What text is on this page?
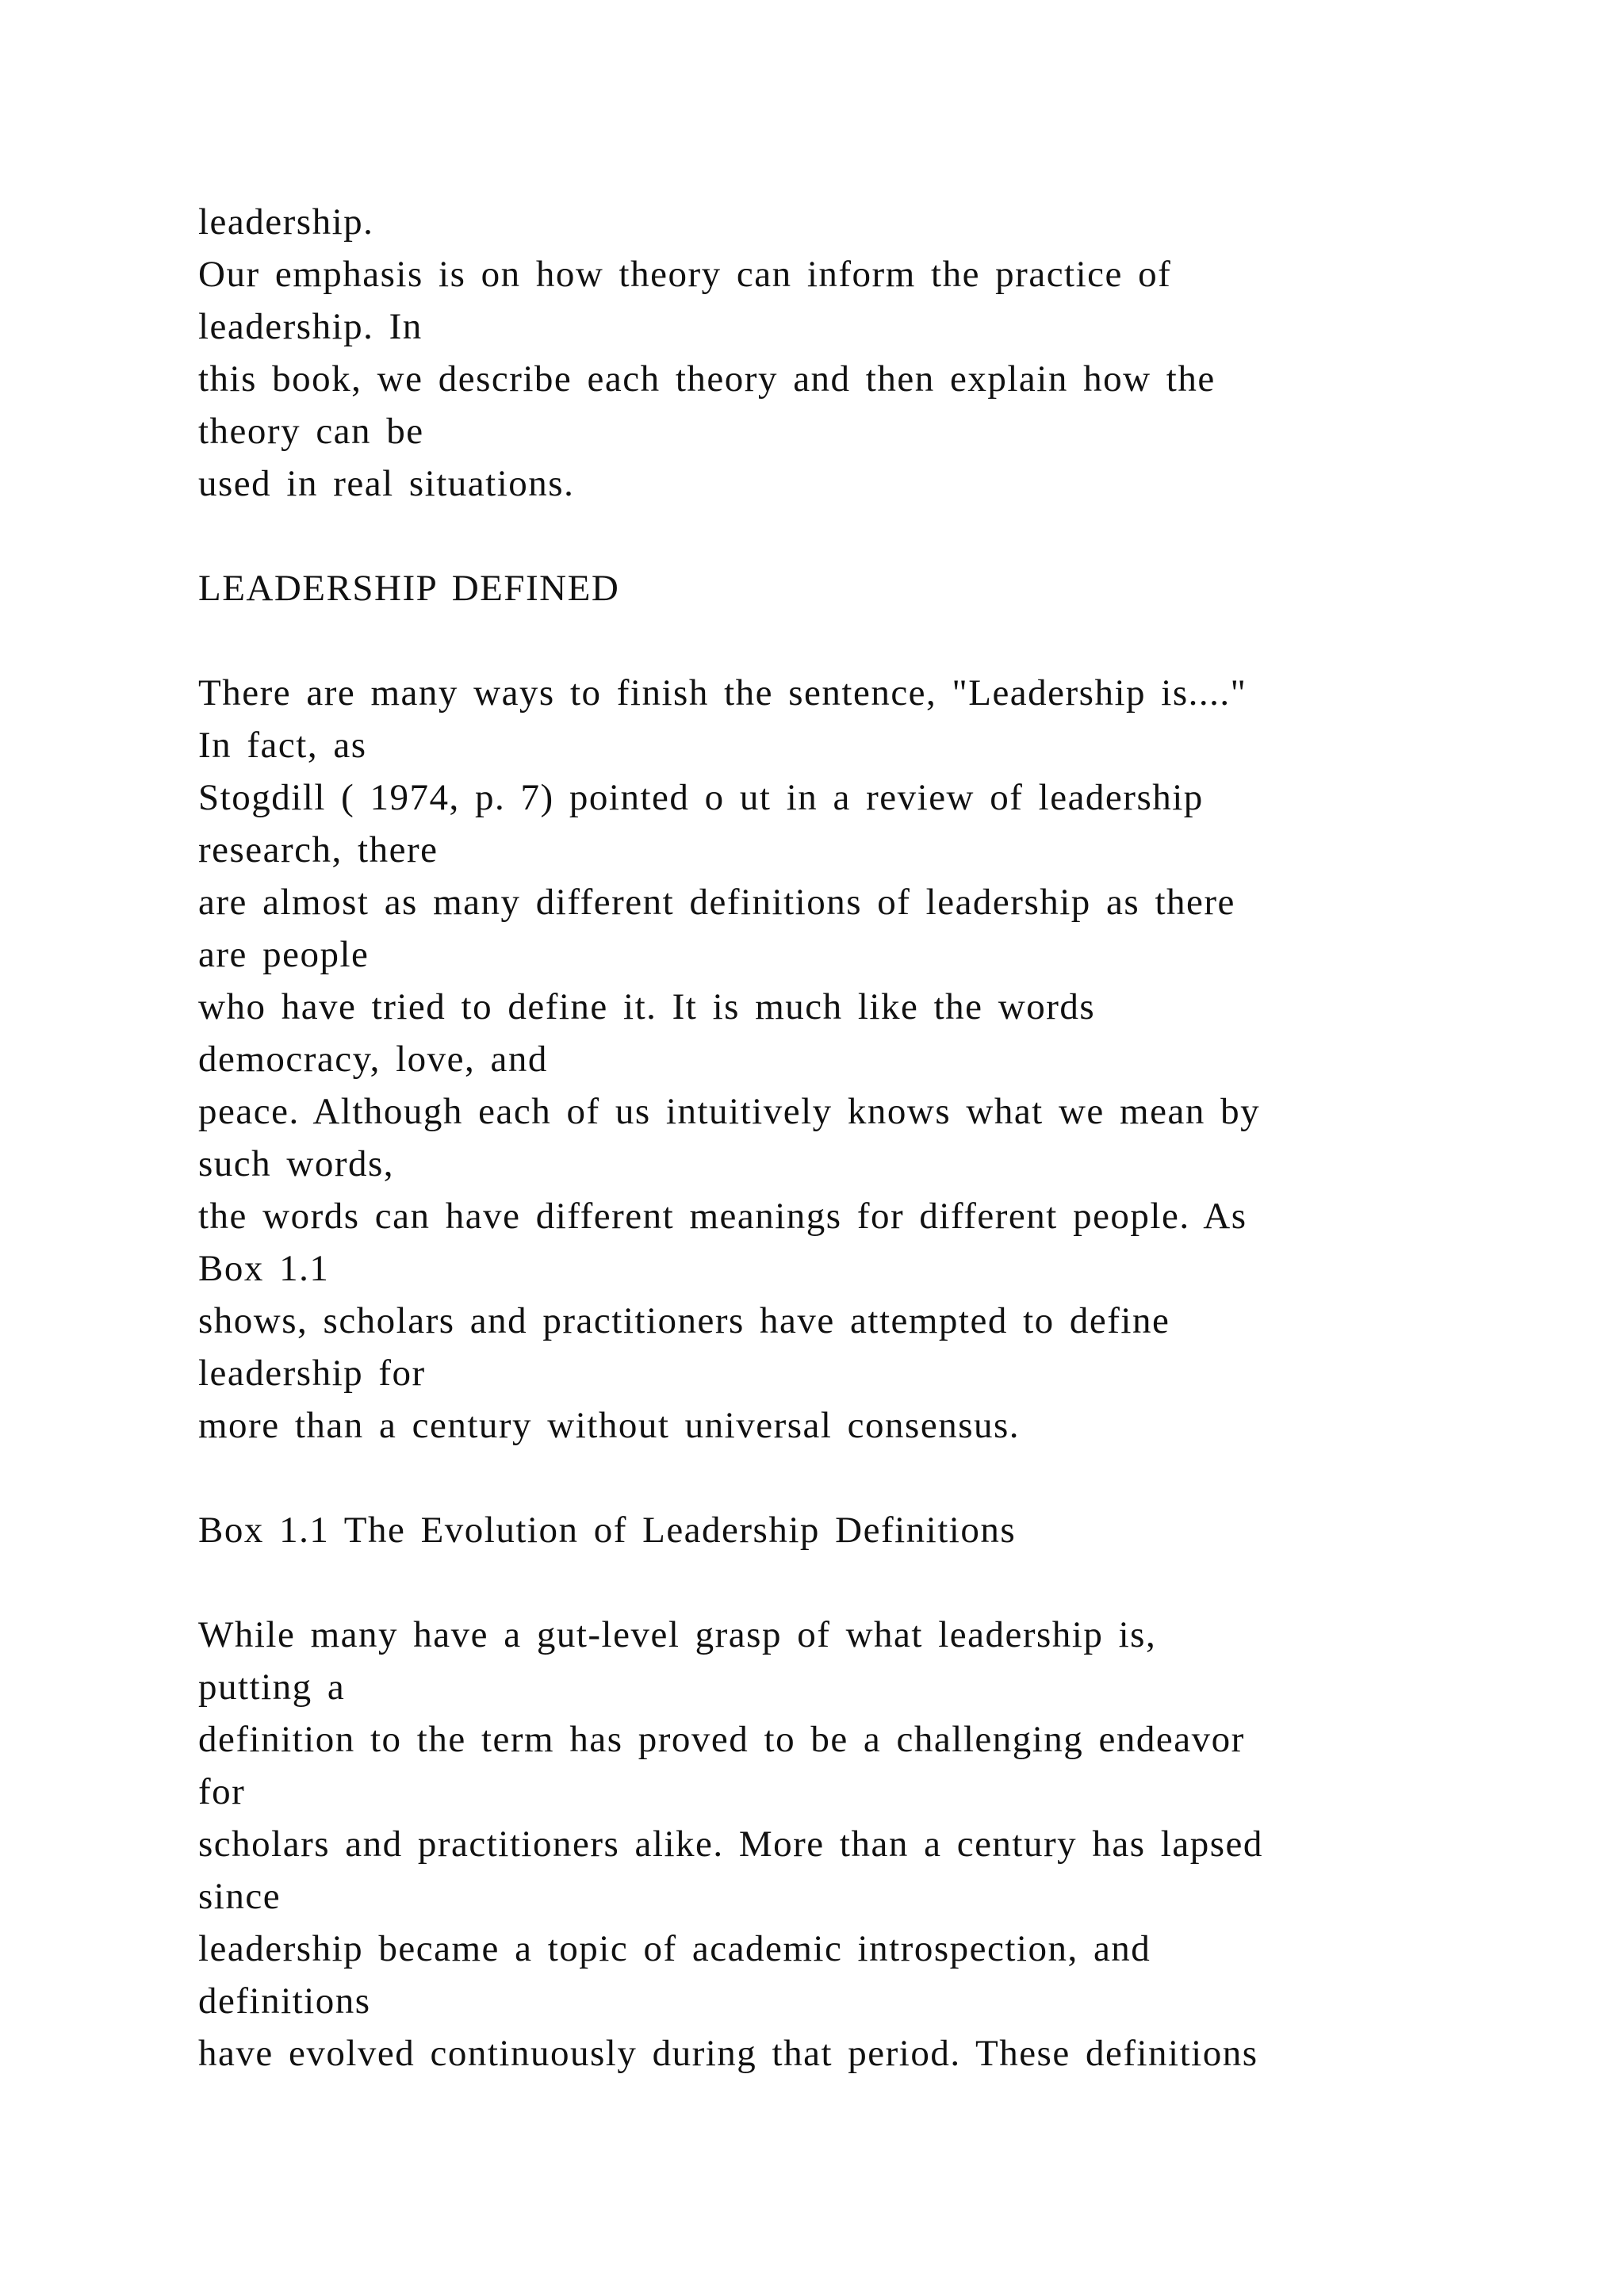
leadership.
Our emphasis is on how theory can inform the practice of
leadership. In
this book, we describe each theory and then explain how the
theory can be
used in real situations.
LEADERSHIP DEFINED
There are many ways to finish the sentence, "Leadership is...."
In fact, as
Stogdill ( 1974, p. 7) pointed o ut in a review of leadership
research, there
are almost as many different definitions of leadership as there
are people
who have tried to define it. It is much like the words
democracy, love, and
peace. Although each of us intuitively knows what we mean by
such words,
the words can have different meanings for different people. As
Box 1.1
shows, scholars and practitioners have attempted to define
leadership for
more than a century without universal consensus.
Box 1.1 The Evolution of Leadership Definitions
While many have a gut-level grasp of what leadership is,
putting a
definition to the term has proved to be a challenging endeavor
for
scholars and practitioners alike. More than a century has lapsed
since
leadership became a topic of academic introspection, and
definitions
have evolved continuously during that period. These definitions
